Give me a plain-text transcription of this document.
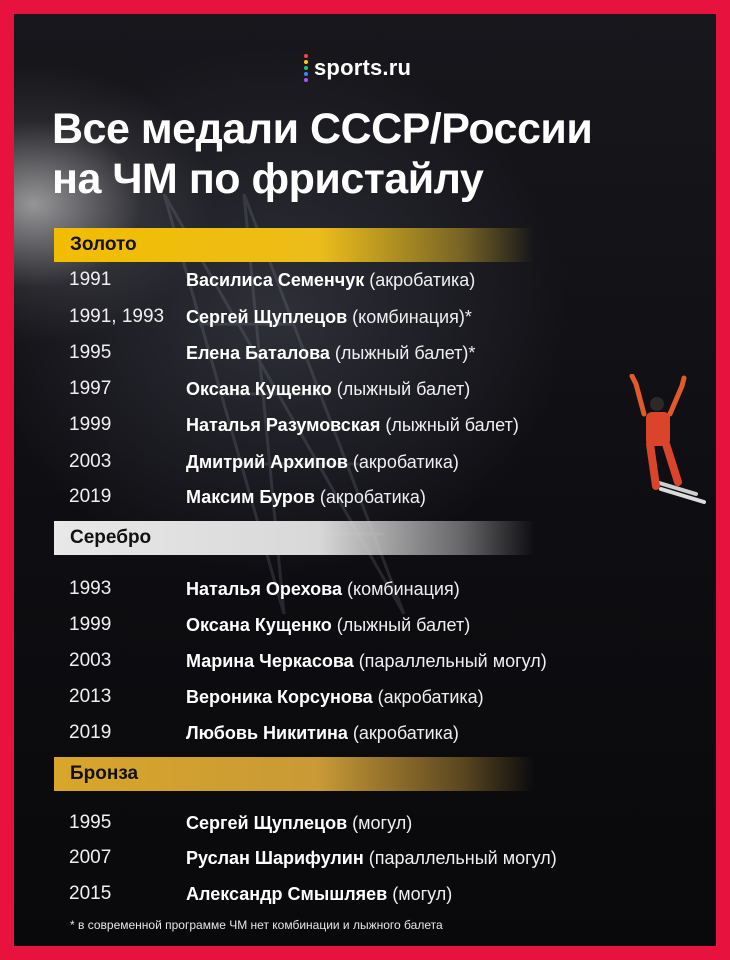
sports.ru
Все медали СССР/России
на ЧМ по фристайлу
Золото
1991	Василиса Семенчук (акробатика)
1991, 1993	Сергей Щуплецов (комбинация)*
1995	Елена Баталова (лыжный балет)*
1997	Оксана Кущенко (лыжный балет)
1999	Наталья Разумовская (лыжный балет)
2003	Дмитрий Архипов (акробатика)
2019	Максим Буров (акробатика)
Серебро
1993	Наталья Орехова (комбинация)
1999	Оксана Кущенко (лыжный балет)
2003	Марина Черкасова (параллельный могул)
2013	Вероника Корсунова (акробатика)
2019	Любовь Никитина (акробатика)
Бронза
1995	Сергей Щуплецов (могул)
2007	Руслан Шарифулин (параллельный могул)
2015	Александр Смышляев (могул)
* в современной программе ЧМ нет комбинации и лыжного балета
